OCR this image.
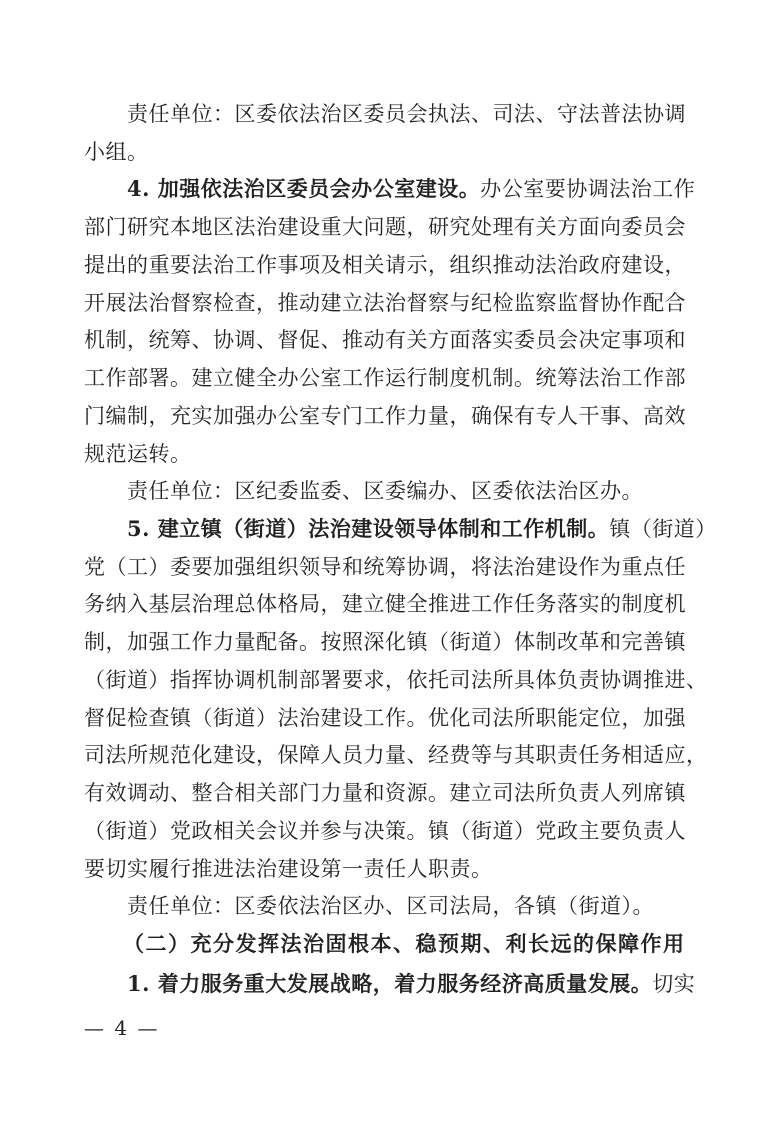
责任单位：区委依法治区委员会执法、司法、守法普法协调
小组。
4. 加强依法治区委员会办公室建设。办公室要协调法治工作
部门研究本地区法治建设重大问题，研究处理有关方面向委员会
提出的重要法治工作事项及相关请示，组织推动法治政府建设，
开展法治督察检查，推动建立法治督察与纪检监察监督协作配合
机制，统筹、协调、督促、推动有关方面落实委员会决定事项和
工作部署。建立健全办公室工作运行制度机制。统筹法治工作部
门编制，充实加强办公室专门工作力量，确保有专人干事、高效
规范运转。
责任单位：区纪委监委、区委编办、区委依法治区办。
5. 建立镇（街道）法治建设领导体制和工作机制。镇（街道）
党（工）委要加强组织领导和统筹协调，将法治建设作为重点任
务纳入基层治理总体格局，建立健全推进工作任务落实的制度机
制，加强工作力量配备。按照深化镇（街道）体制改革和完善镇
（街道）指挥协调机制部署要求，依托司法所具体负责协调推进、
督促检查镇（街道）法治建设工作。优化司法所职能定位，加强
司法所规范化建设，保障人员力量、经费等与其职责任务相适应，
有效调动、整合相关部门力量和资源。建立司法所负责人列席镇
（街道）党政相关会议并参与决策。镇（街道）党政主要负责人
要切实履行推进法治建设第一责任人职责。
责任单位：区委依法治区办、区司法局，各镇（街道）。
（二）充分发挥法治固根本、稳预期、利长远的保障作用
1. 着力服务重大发展战略，着力服务经济高质量发展。切实
— 4 —
